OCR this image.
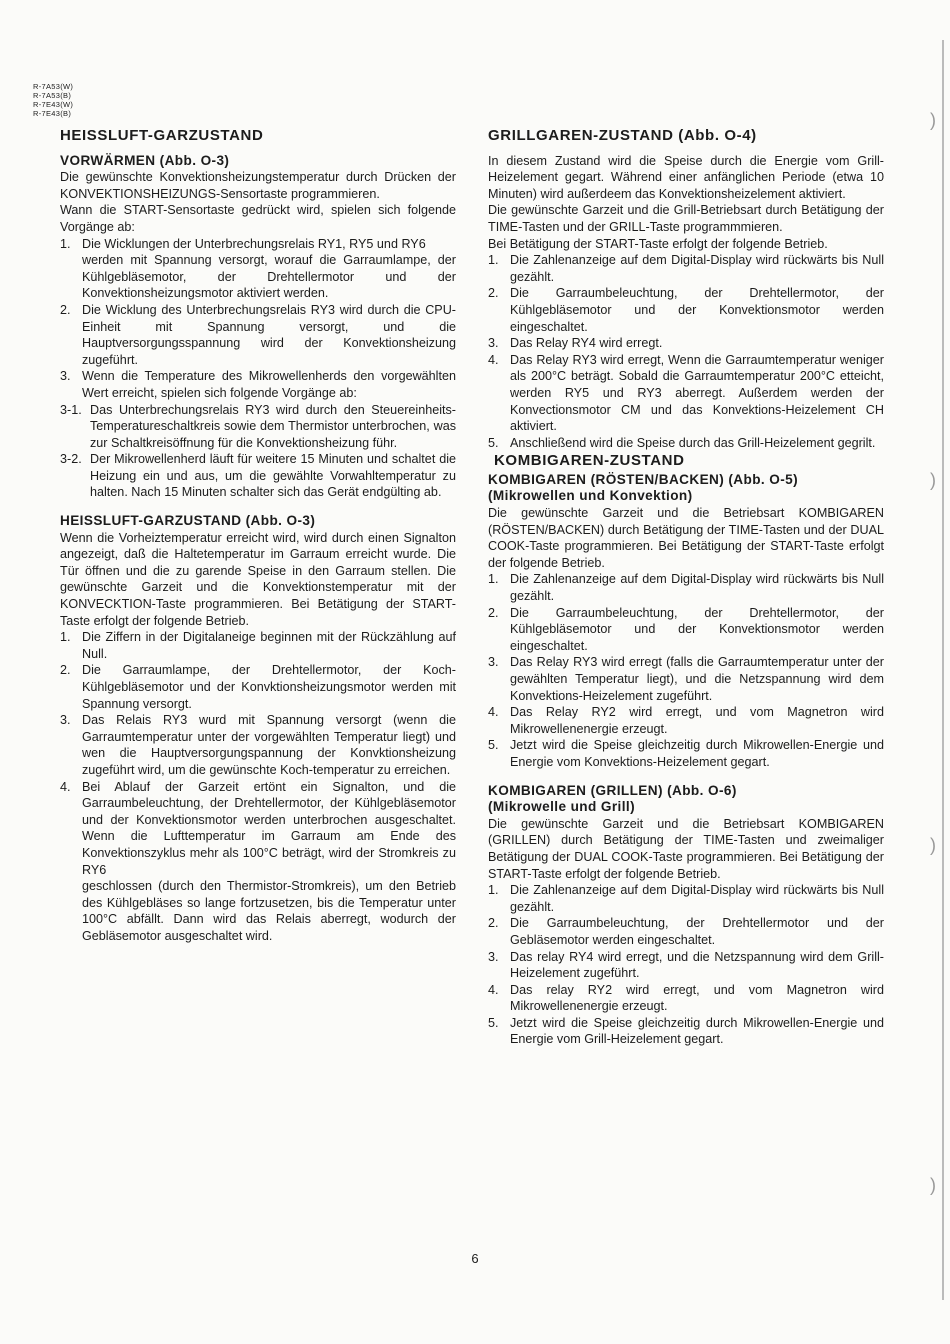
R-7A53(W)
R-7A53(B)
R-7E43(W)
R-7E43(B)
HEISSLUFT-GARZUSTAND
VORWÄRMEN (Abb. O-3)

Die gewünschte Konvektionsheizungstemperatur durch Drücken der KONVEKTIONSHEIZUNGS-Sensortaste programmieren.

Wann die START-Sensortaste gedrückt wird, spielen sich folgende Vorgänge ab:

1. Die Wicklungen der Unterbrechungsrelais RY1, RY5 und RY6

werden mit Spannung versorgt, worauf die Garraumlampe, der Kühlgebläsemotor, der Drehtellermotor und der Konvektionsheizungsmotor aktiviert werden.

2. Die Wicklung des Unterbrechungsrelais RY3 wird durch die CPU-Einheit mit Spannung versorgt, und die Hauptversorgungsspannung wird der Konvektionsheizung zugeführt.
3. Wenn die Temperature des Mikrowellenherds den vorgewählten Wert erreicht, spielen sich folgende Vorgänge ab:
3-1. Das Unterbrechungsrelais RY3 wird durch den Steuereinheits-Temperatureschaltkreis sowie dem Thermistor unterbrochen, was zur Schaltkreisöffnung für die Konvektionsheizung führ.
3-2. Der Mikrowellenherd läuft für weitere 15 Minuten und schaltet die Heizung ein und aus, um die gewählte Vorwahltemperatur zu halten. Nach 15 Minuten schalter sich das Gerät endgülting ab.
HEISSLUFT-GARZUSTAND (Abb. O-3)

Wenn die Vorheiztemperatur erreicht wird, wird durch einen Signalton angezeigt, daß die Haltetemperatur im Garraum erreicht wurde. Die Tür öffnen und die zu garende Speise in den Garraum stellen. Die gewünschte Garzeit und die Konvektionstemperatur mit der KONVECKTION-Taste programmieren. Bei Betätigung der START-Taste erfolgt der folgende Betrieb.

1. Die Ziffern in der Digitalaneige beginnen mit der Rückzählung auf Null.
2. Die Garraumlampe, der Drehtellermotor, der Koch-Kühlgebläsemotor und der Konvktionsheizungsmotor werden mit Spannung versorgt.
3. Das Relais RY3 wurd mit Spannung versorgt (wenn die Garraumtemperatur unter der vorgewählten Temperatur liegt) und wen die Hauptversorgungspannung der Konvktionsheizung zugeführt wird, um die gewünschte Koch-temperatur zu erreichen.
4. Bei Ablauf der Garzeit ertönt ein Signalton, und die Garraumbeleuchtung, der Drehtellermotor, der Kühlgebläsemotor und der Konvektionsmotor werden unterbrochen ausgeschaltet. Wenn die Lufttemperatur im Garraum am Ende des Konvektionszyklus mehr als 100°C beträgt, wird der Stromkreis zu RY6

geschlossen (durch den Thermistor-Stromkreis), um den Betrieb des Kühlgebläses so lange fortzusetzen, bis die Temperatur unter 100°C abfällt. Dann wird das Relais aberregt, wodurch der Gebläsemotor ausgeschaltet wird.

GRILLGAREN-ZUSTAND (Abb. O-4)

In diesem Zustand wird die Speise durch die Energie vom Grill-Heizelement gegart. Während einer anfänglichen Periode (etwa 10 Minuten) wird außerdeem das Konvektionsheizelement aktiviert.

Die gewünschte Garzeit und die Grill-Betriebsart durch Betätigung der TIME-Tasten und der GRILL-Taste programmmieren.

Bei Betätigung der START-Taste erfolgt der folgende Betrieb.

1. Die Zahlenanzeige auf dem Digital-Display wird rückwärts bis Null gezählt.
2. Die Garraumbeleuchtung, der Drehtellermotor, der Kühlgebläsemotor und der Konvektionsmotor werden eingeschaltet.
3. Das Relay RY4 wird erregt.
4. Das Relay RY3 wird erregt, Wenn die Garraumtemperatur weniger als 200°C beträgt. Sobald die Garraumtemperatur 200°C etteicht, werden RY5 und RY3 aberregt. Außerdem werden der Konvectionsmotor CM und das Konvektions-Heizelement CH aktiviert.
5. Anschließend wird die Speise durch das Grill-Heizelement gegrilt.
KOMBIGAREN-ZUSTAND
KOMBIGAREN (RÖSTEN/BACKEN) (Abb. O-5)
(Mikrowellen und Konvektion)

Die gewünschte Garzeit und die Betriebsart KOMBIGAREN (RÖSTEN/BACKEN) durch Betätigung der TIME-Tasten und der DUAL COOK-Taste programmieren. Bei Betätigung der START-Taste erfolgt der folgende Betrieb.

1. Die Zahlenanzeige auf dem Digital-Display wird rückwärts bis Null gezählt.
2. Die Garraumbeleuchtung, der Drehtellermotor, der Kühlgebläsemotor und der Konvektionsmotor werden eingeschaltet.
3. Das Relay RY3 wird erregt (falls die Garraumtemperatur unter der gewählten Temperatur liegt), und die Netzspannung wird dem Konvektions-Heizelement zugeführt.
4. Das Relay RY2 wird erregt, und vom Magnetron wird Mikrowellenenergie erzeugt.
5. Jetzt wird die Speise gleichzeitig durch Mikrowellen-Energie und Energie vom Konvektions-Heizelement gegart.
KOMBIGAREN (GRILLEN) (Abb. O-6)
(Mikrowelle und Grill)

Die gewünschte Garzeit und die Betriebsart KOMBIGAREN (GRILLEN) durch Betätigung der TIME-Tasten und zweimaliger Betätigung der DUAL COOK-Taste programmieren. Bei Betätigung der START-Taste erfolgt der folgende Betrieb.

1. Die Zahlenanzeige auf dem Digital-Display wird rückwärts bis Null gezählt.
2. Die Garraumbeleuchtung, der Drehtellermotor und der Gebläsemotor werden eingeschaltet.
3. Das relay RY4 wird erregt, und die Netzspannung wird dem Grill-Heizelement zugeführt.
4. Das relay RY2 wird erregt, und vom Magnetron wird Mikrowellenenergie erzeugt.
5. Jetzt wird die Speise gleichzeitig durch Mikrowellen-Energie und Energie vom Grill-Heizelement gegart.
6
)
)
)
)
